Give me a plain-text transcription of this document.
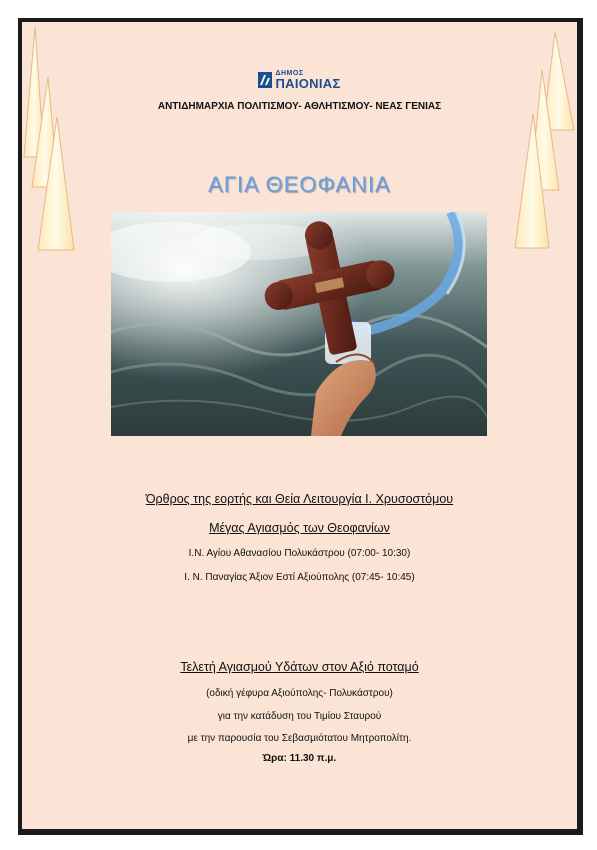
ΔΗΜΟΣ
ΠΑΙΟΝΙΑΣ
ΑΝΤΙΔΗΜΑΡΧΙΑ ΠΟΛΙΤΙΣΜΟΥ- ΑΘΛΗΤΙΣΜΟΥ- ΝΕΑΣ ΓΕΝΙΑΣ
ΑΓΙΑ ΘΕΟΦΑΝΙΑ
Όρθρος της εορτής και Θεία Λειτουργία Ι. Χρυσοστόμου
Μέγας Αγιασμός των Θεοφανίων
Ι.Ν. Αγίου Αθανασίου Πολυκάστρου (07:00- 10:30)
Ι. Ν. Παναγίας Άξιον Εστί Αξιούπολης (07:45- 10:45)
Τελετή Αγιασμού Υδάτων στον Αξιό ποταμό
(οδική γέφυρα Αξιούπολης- Πολυκάστρου)
για την κατάδυση του Τιμίου Σταυρού
με την παρουσία του Σεβασμιότατου Μητροπολίτη.
Ώρα: 11.30 π.μ.
